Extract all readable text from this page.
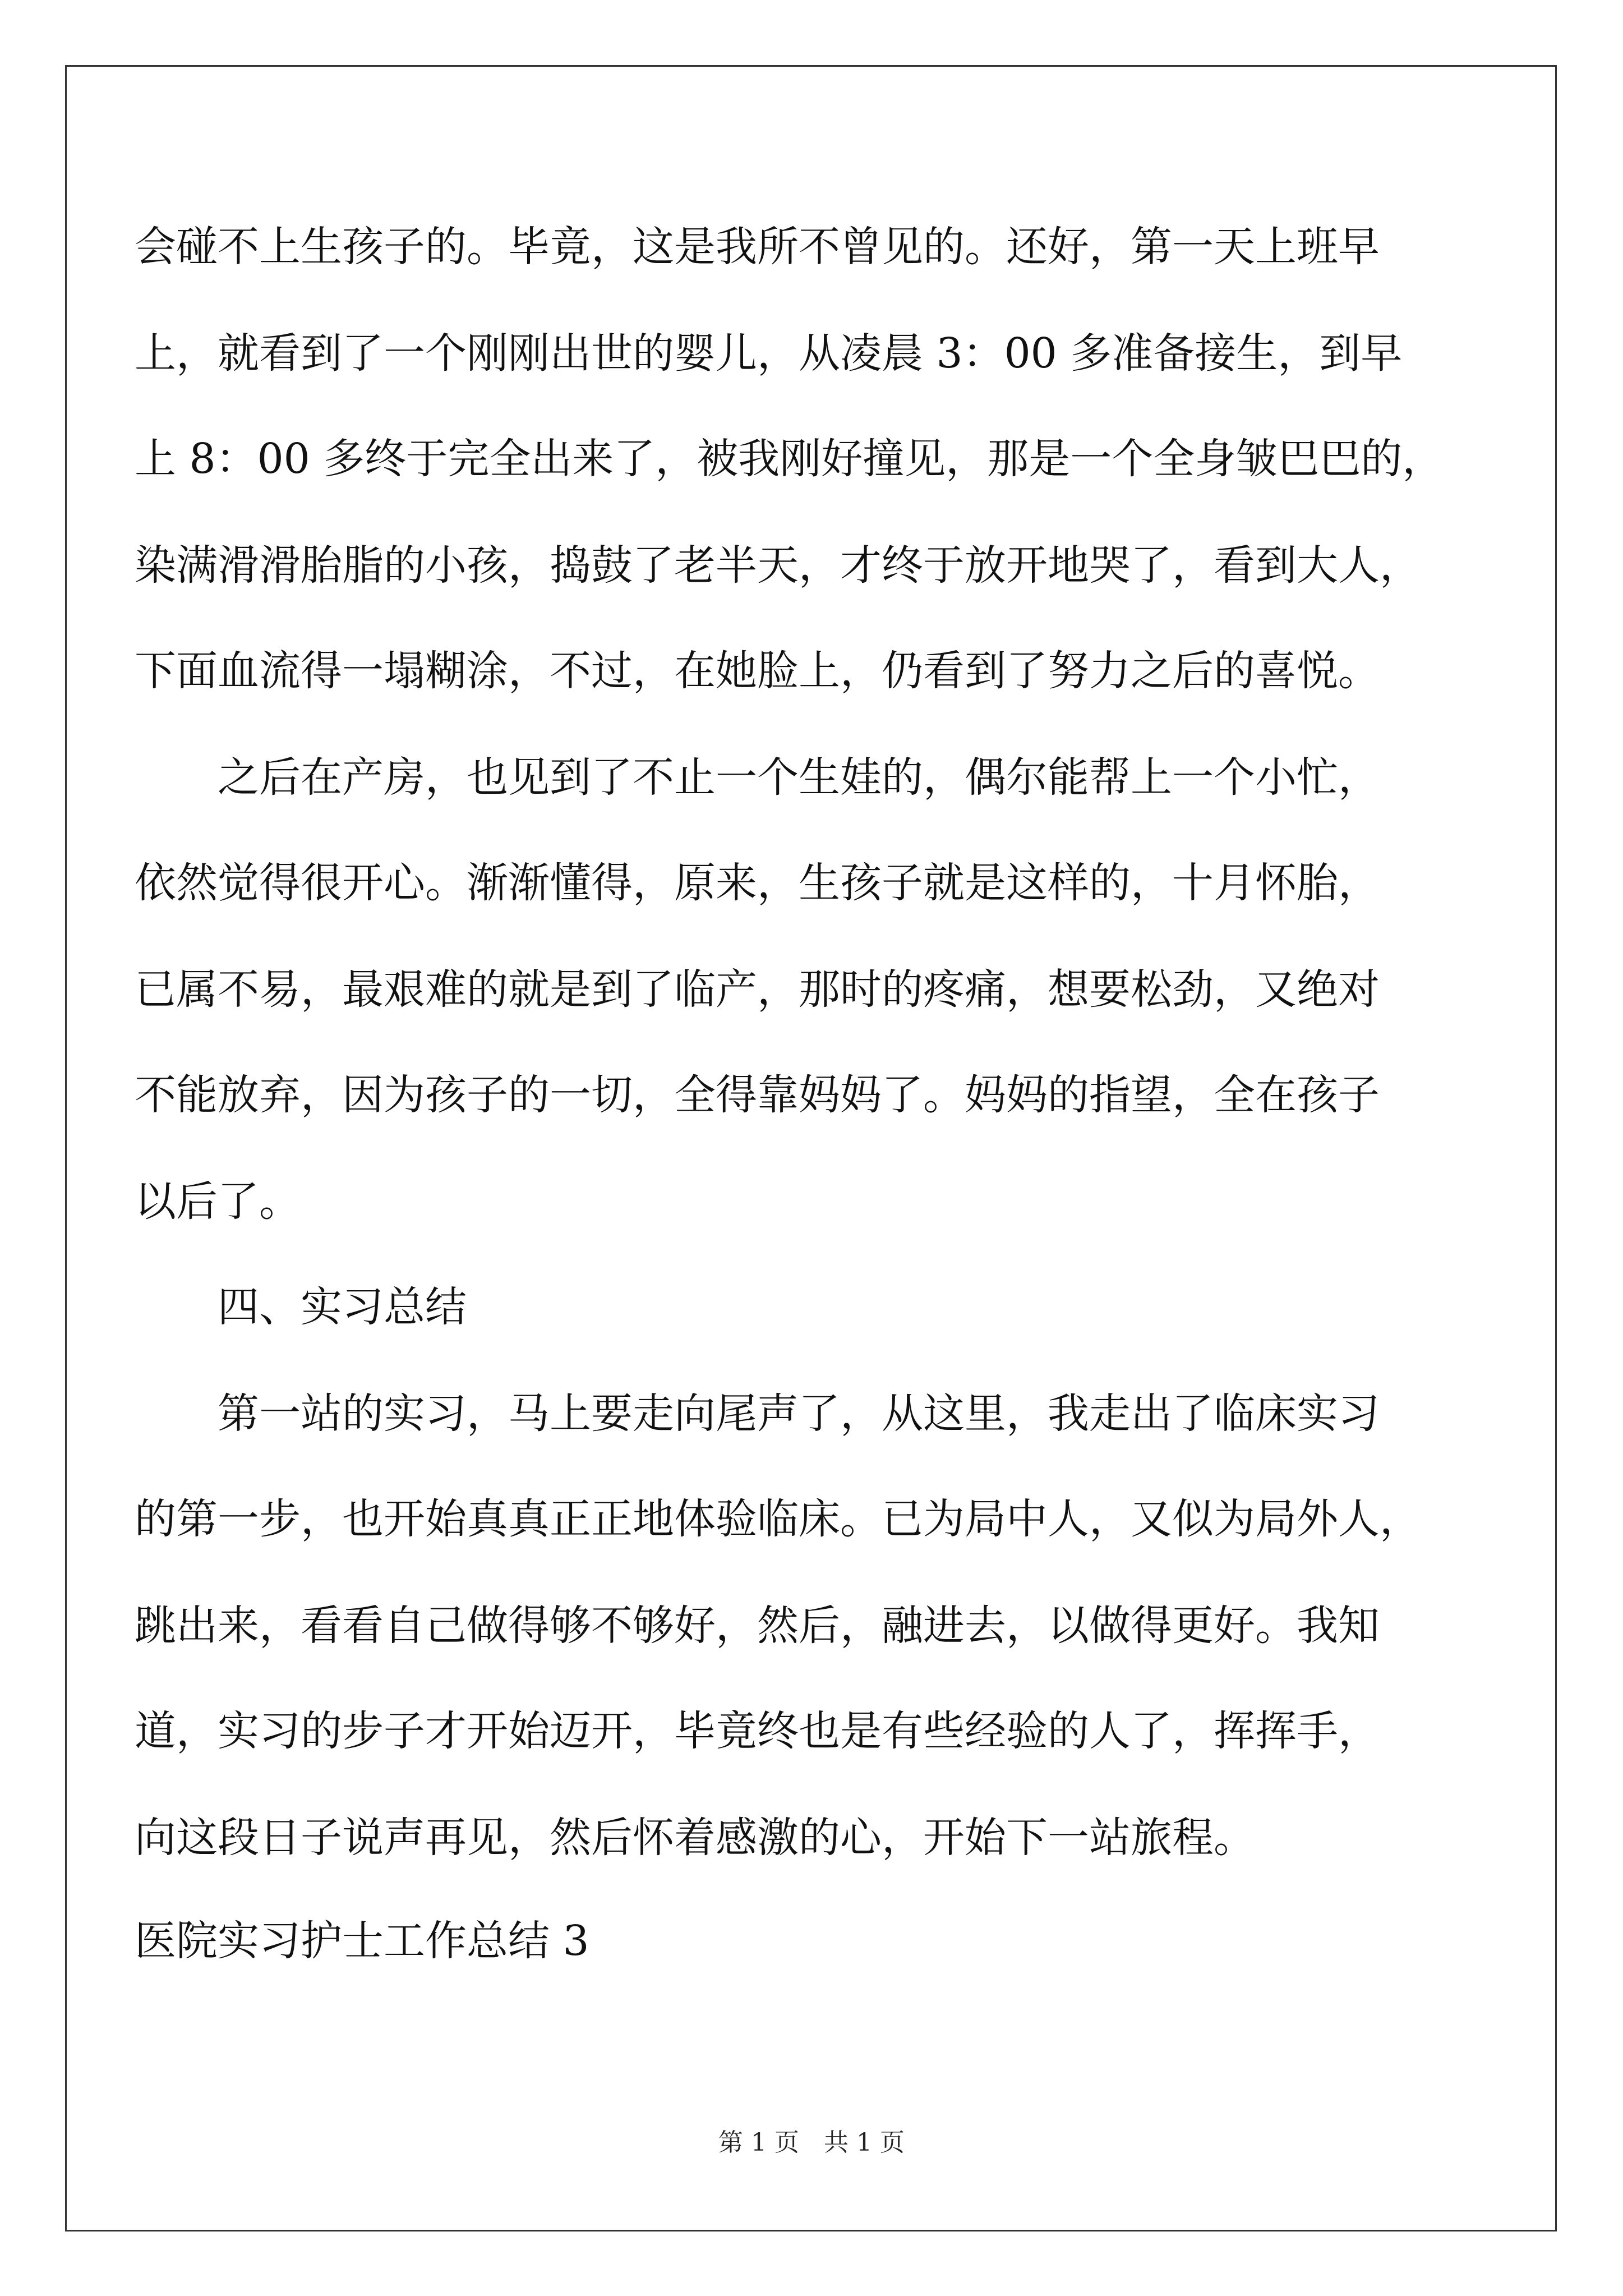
会碰不上生孩子的。毕竟，这是我所不曾见的。还好，第一天上班早
上，就看到了一个刚刚出世的婴儿，从凌晨 3：00 多准备接生，到早
上 8：00 多终于完全出来了，被我刚好撞见，那是一个全身皱巴巴的，
染满滑滑胎脂的小孩，捣鼓了老半天，才终于放开地哭了，看到大人，
下面血流得一塌糊涂，不过，在她脸上，仍看到了努力之后的喜悦。
之后在产房，也见到了不止一个生娃的，偶尔能帮上一个小忙，
依然觉得很开心。渐渐懂得，原来，生孩子就是这样的，十月怀胎，
已属不易，最艰难的就是到了临产，那时的疼痛，想要松劲，又绝对
不能放弃，因为孩子的一切，全得靠妈妈了。妈妈的指望，全在孩子
以后了。
四、实习总结
第一站的实习，马上要走向尾声了，从这里，我走出了临床实习
的第一步，也开始真真正正地体验临床。已为局中人，又似为局外人，
跳出来，看看自己做得够不够好，然后，融进去，以做得更好。我知
道，实习的步子才开始迈开，毕竟终也是有些经验的人了，挥挥手，
向这段日子说声再见，然后怀着感激的心，开始下一站旅程。
医院实习护士工作总结 3
第 1 页　共 1 页
